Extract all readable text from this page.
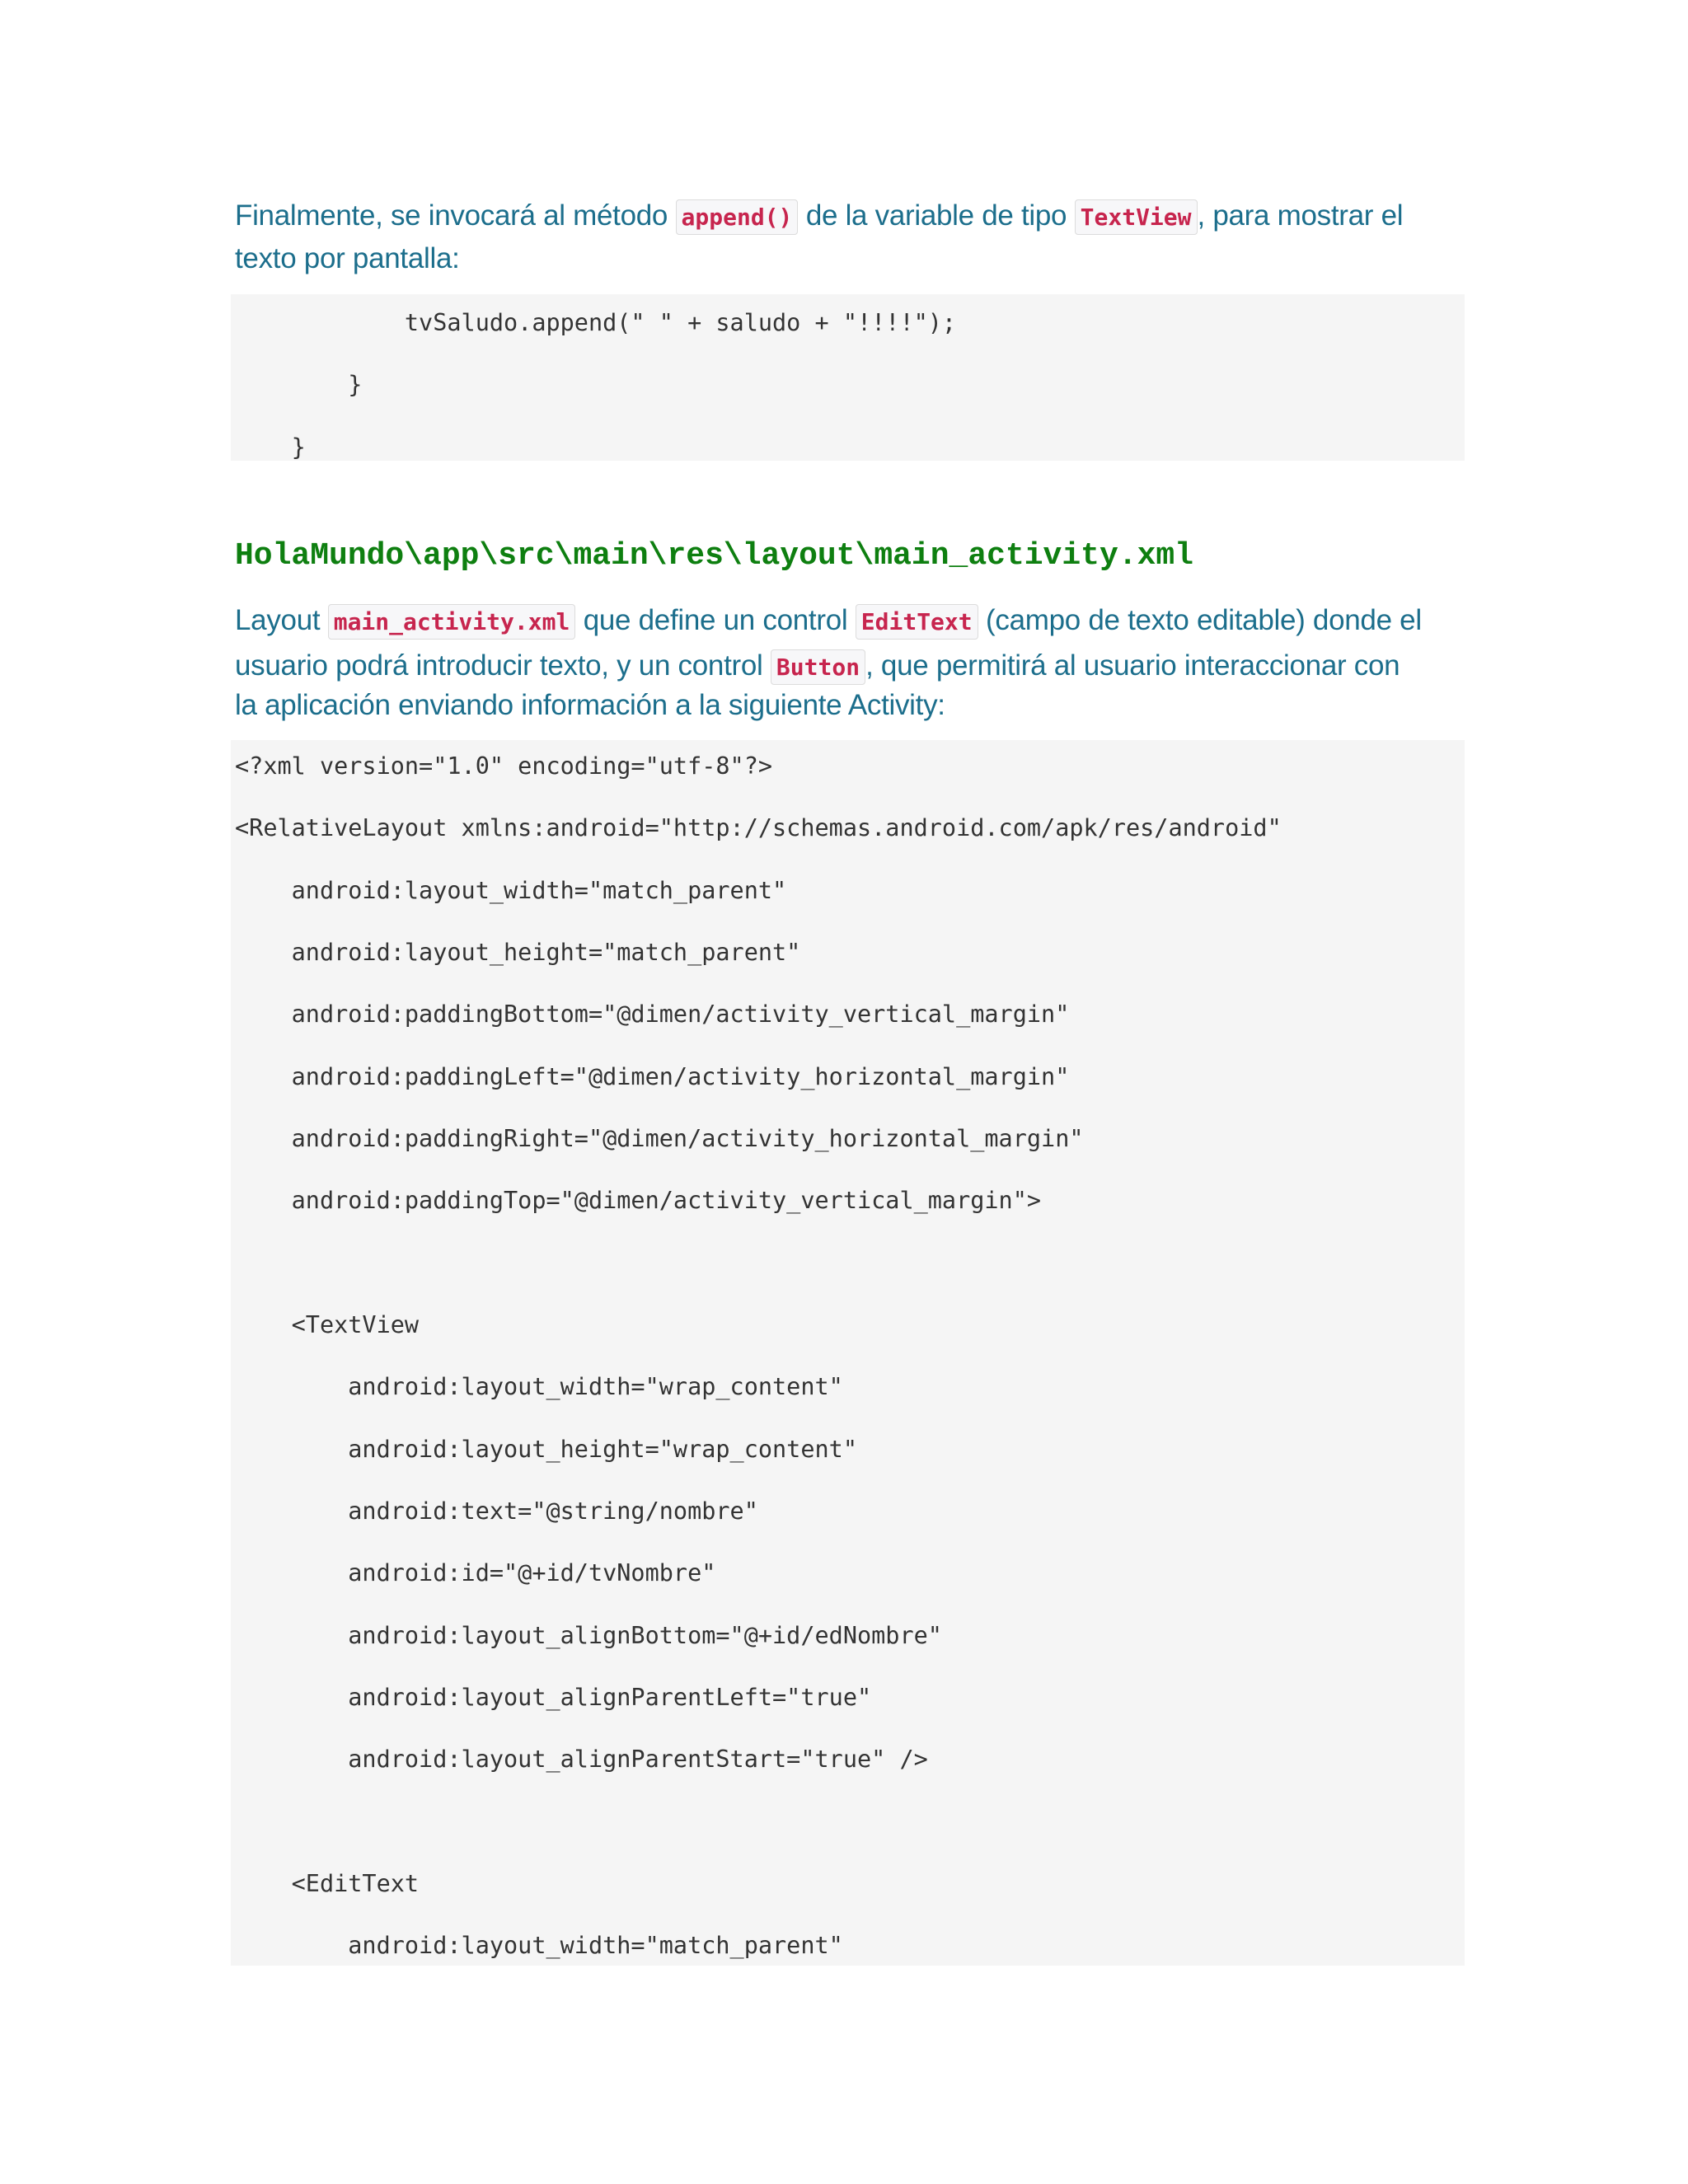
Finalmente, se invocará al método append() de la variable de tipo TextView , para mostrar el
texto por pantalla:
tvSaludo.append(" " + saludo + "!!!!");
}
}
HolaMundo\app\src\main\res\layout\main_activity.xml
Layout main_activity.xml que define un control EditText (campo de texto editable) donde el
usuario podrá introducir texto, y un control Button , que permitirá al usuario interaccionar con
la aplicación enviando información a la siguiente Activity:
<?xml version="1.0" encoding="utf-8"?>
<RelativeLayout xmlns:android="http://schemas.android.com/apk/res/android"
android:layout_width="match_parent"
android:layout_height="match_parent"
android:paddingBottom="@dimen/activity_vertical_margin"
android:paddingLeft="@dimen/activity_horizontal_margin"
android:paddingRight="@dimen/activity_horizontal_margin"
android:paddingTop="@dimen/activity_vertical_margin">
<TextView
android:layout_width="wrap_content"
android:layout_height="wrap_content"
android:text="@string/nombre"
android:id="@+id/tvNombre"
android:layout_alignBottom="@+id/edNombre"
android:layout_alignParentLeft="true"
android:layout_alignParentStart="true" />
<EditText
android:layout_width="match_parent"
